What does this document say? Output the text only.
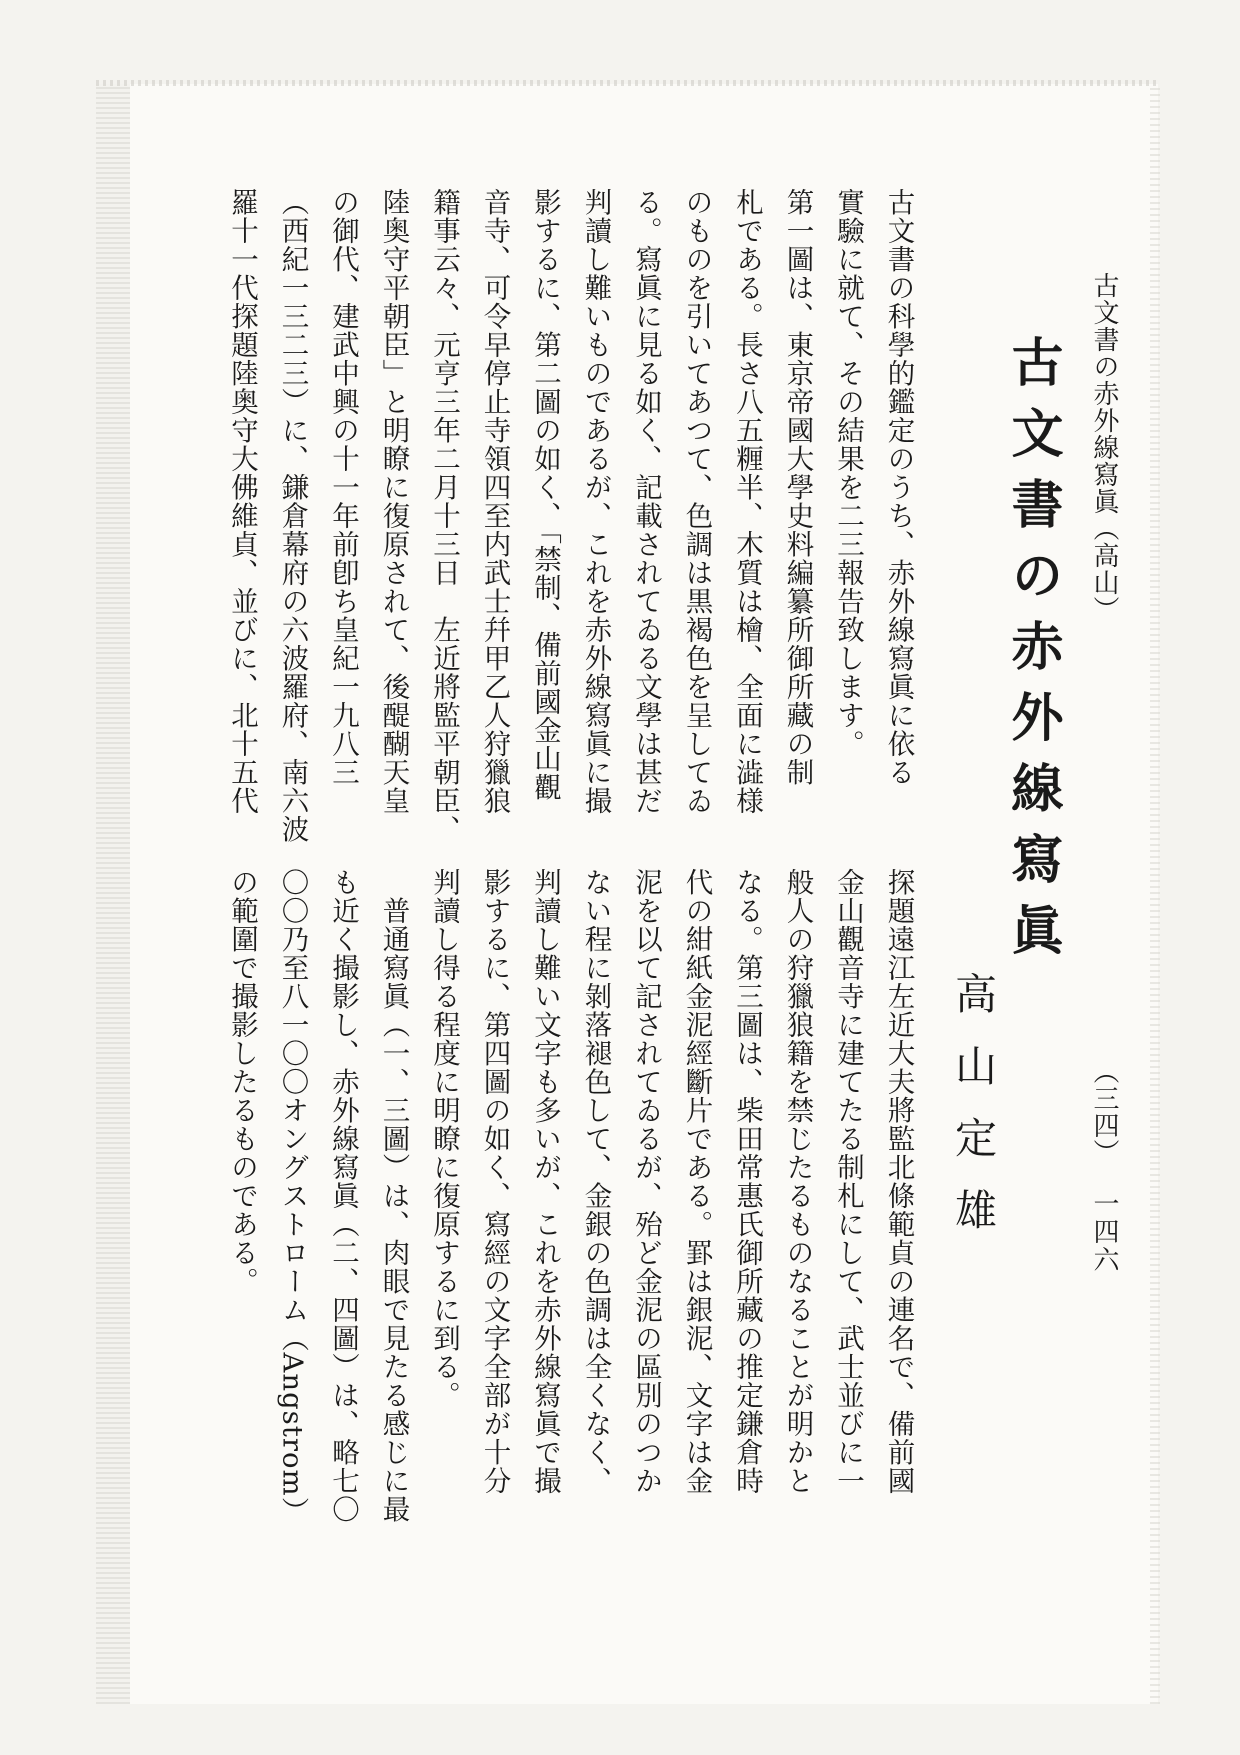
古文書の赤外線寫眞（高山）
（三四）
一四六
古文書の赤外線寫眞
高山定雄
古文書の科學的鑑定のうち、赤外線寫眞に依る
實驗に就て、その結果を二三報告致します。
第一圖は、東京帝國大學史料編纂所御所藏の制
札である。長さ八五糎半、木質は檜、全面に澁様
のものを引いてあつて、色調は黒褐色を呈してゐ
る。寫眞に見る如く、記載されてゐる文學は甚だ
判讀し難いものであるが、これを赤外線寫眞に撮
影するに、第二圖の如く、「禁制、備前國金山觀
音寺、可令早停止寺領四至内武士幷甲乙人狩獵狼
籍事云々、元亨三年二月十三日　左近將監平朝臣、
陸奥守平朝臣」と明瞭に復原されて、後醍醐天皇
の御代、建武中興の十一年前卽ち皇紀一九八三
（西紀一三二三）に、鎌倉幕府の六波羅府、南六波
羅十一代探題陸奥守大佛維貞、並びに、北十五代
探題遠江左近大夫將監北條範貞の連名で、備前國
金山觀音寺に建てたる制札にして、武士並びに一
般人の狩獵狼籍を禁じたるものなることが明かと
なる。第三圖は、柴田常惠氏御所藏の推定鎌倉時
代の紺紙金泥經斷片である。罫は銀泥、文字は金
泥を以て記されてゐるが、殆ど金泥の區別のつか
ない程に剝落褪色して、金銀の色調は全くなく、
判讀し難い文字も多いが、これを赤外線寫眞で撮
影するに、第四圖の如く、寫經の文字全部が十分
判讀し得る程度に明瞭に復原するに到る。
　普通寫眞（一、三圖）は、肉眼で見たる感じに最
も近く撮影し、赤外線寫眞（二、四圖）は、略七〇
〇〇乃至八一〇〇オングストローム（Angstrom）
の範圍で撮影したるものである。
